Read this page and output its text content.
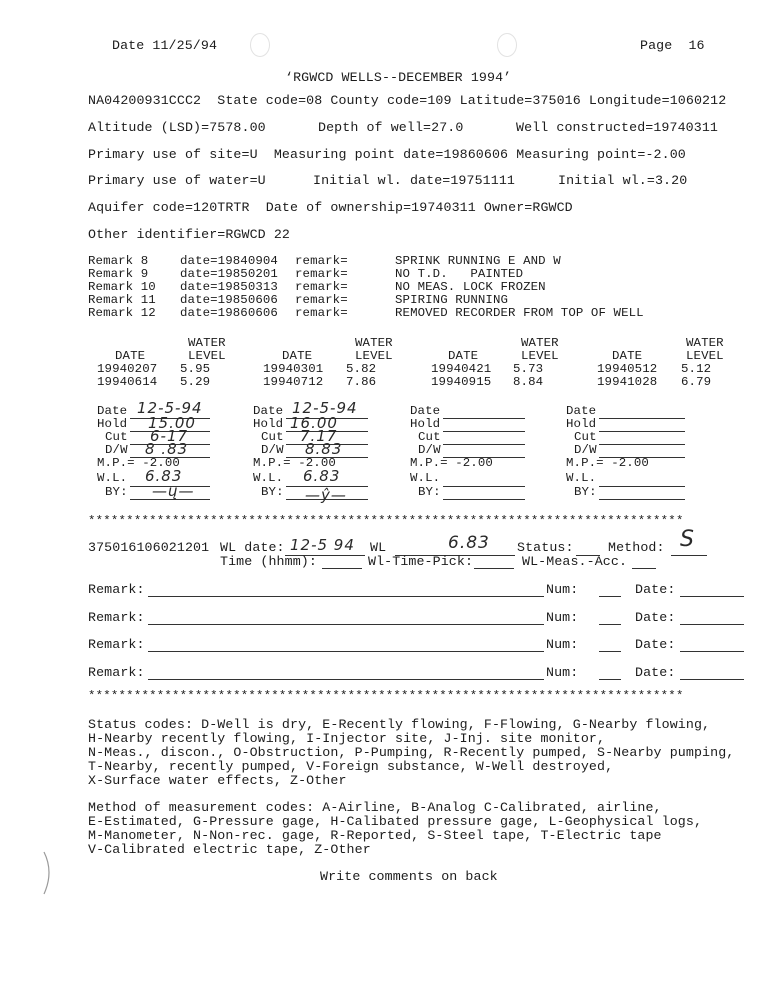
Date 11/25/94	Page  16
‘RGWCD WELLS--DECEMBER 1994’
NA04200931CCC2  State code=08 County code=109 Latitude=375016 Longitude=1060212
Altitude (LSD)=7578.00	Depth of well=27.0	Well constructed=19740311
Primary use of site=U  Measuring point date=19860606 Measuring point=-2.00
Primary use of water=U	Initial wl. date=19751111	Initial wl.=3.20
Aquifer code=120TRTR  Date of ownership=19740311 Owner=RGWCD
Other identifier=RGWCD 22
Remark 8	date=19840904 remark=	SPRINK RUNNING E AND W
Remark 9	date=19850201 remark=	NO T.D.   PAINTED
Remark 10 date=19850313 remark=	NO MEAS. LOCK FROZEN
Remark 11 date=19850606 remark=	SPIRING RUNNING
Remark 12 date=19860606 remark=	REMOVED RECORDER FROM TOP OF WELL
WATER
DATE	LEVEL
WATER
DATE	LEVEL
WATER
DATE	LEVEL
WATER
DATE	LEVEL
19940207 5.95	19940301 5.82	19940421 5.73	19940512 5.12
19940614 5.29	19940712 7.86	19940915 8.84	19941028 6.79
Date 12-5-94
Hold 15.00
Cut 6-17
D/W 8 .83
M.P.= -2.00
W.L. 6.83
BY: —ų—
Date 12-5-94
Hold 16.00
Cut 7.17
D/W 8.83
M.P.= -2.00
W.L. 6.83
BY: —ŷ—
Date
Hold
Cut
D/W
M.P.= -2.00
W.L.
BY:
Date
Hold
Cut
D/W
M.P.= -2.00
W.L.
BY:
******************************************************************************
375016106021201 WL date: 12-5 94 WL	6.83 Status:	Method: S
Time (hhmm):	Wl-Time-Pick:	WL-Meas.-Acc.
Remark:	Num:	Date:
Remark:	Num:	Date:
Remark:	Num:	Date:
Remark:	Num:	Date:
******************************************************************************
Status codes: D-Well is dry, E-Recently flowing, F-Flowing, G-Nearby flowing,
H-Nearby recently flowing, I-Injector site, J-Inj. site monitor,
N-Meas., discon., O-Obstruction, P-Pumping, R-Recently pumped, S-Nearby pumping,
T-Nearby, recently pumped, V-Foreign substance, W-Well destroyed,
X-Surface water effects, Z-Other
Method of measurement codes: A-Airline, B-Analog C-Calibrated, airline,
E-Estimated, G-Pressure gage, H-Calibated pressure gage, L-Geophysical logs,
M-Manometer, N-Non-rec. gage, R-Reported, S-Steel tape, T-Electric tape
V-Calibrated electric tape, Z-Other
Write comments on back
